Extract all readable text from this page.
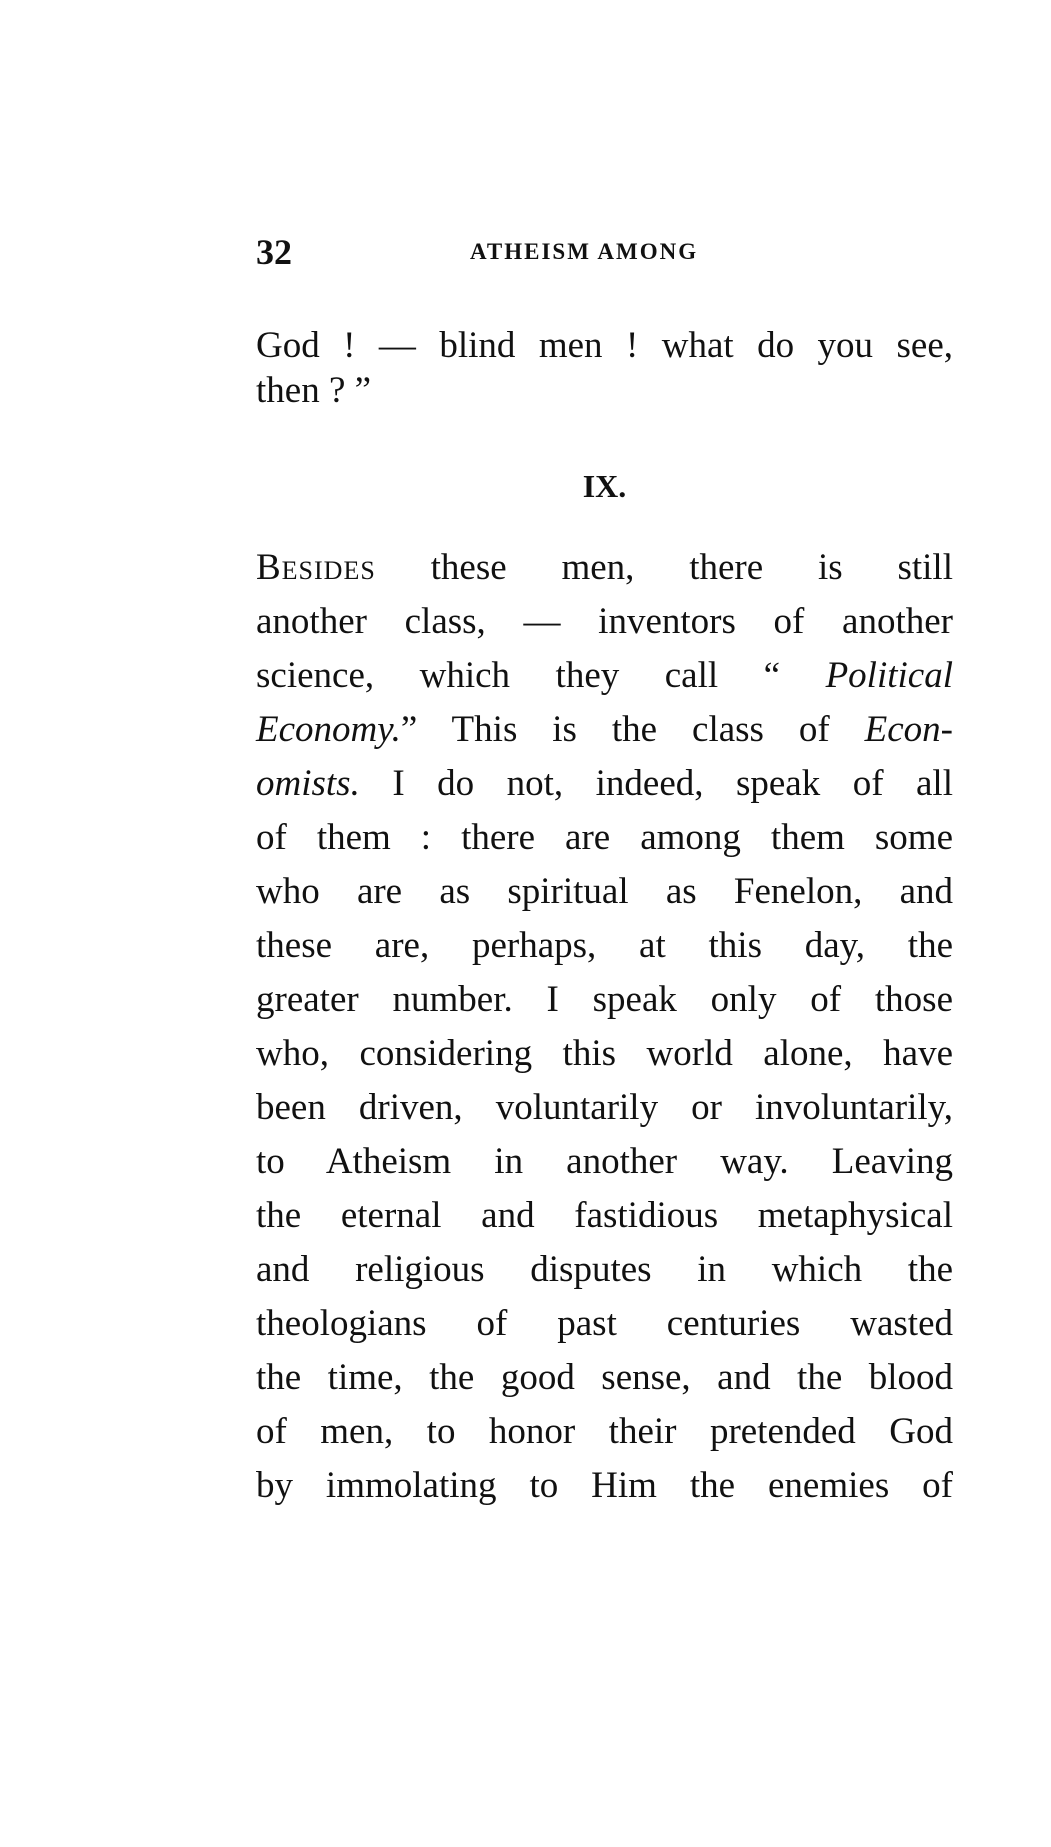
32	ATHEISM AMONG
God ! — blind men ! what do you see,
then ? ”
IX.
Besides these men, there is still
another class, — inventors of another
science, which they call “ Political
Economy.” This is the class of Econ-
omists. I do not, indeed, speak of all
of them : there are among them some
who are as spiritual as Fenelon, and
these are, perhaps, at this day, the
greater number. I speak only of those
who, considering this world alone, have
been driven, voluntarily or involuntarily,
to Atheism in another way. Leaving
the eternal and fastidious metaphysical
and religious disputes in which the
theologians of past centuries wasted
the time, the good sense, and the blood
of men, to honor their pretended God
by immolating to Him the enemies of
